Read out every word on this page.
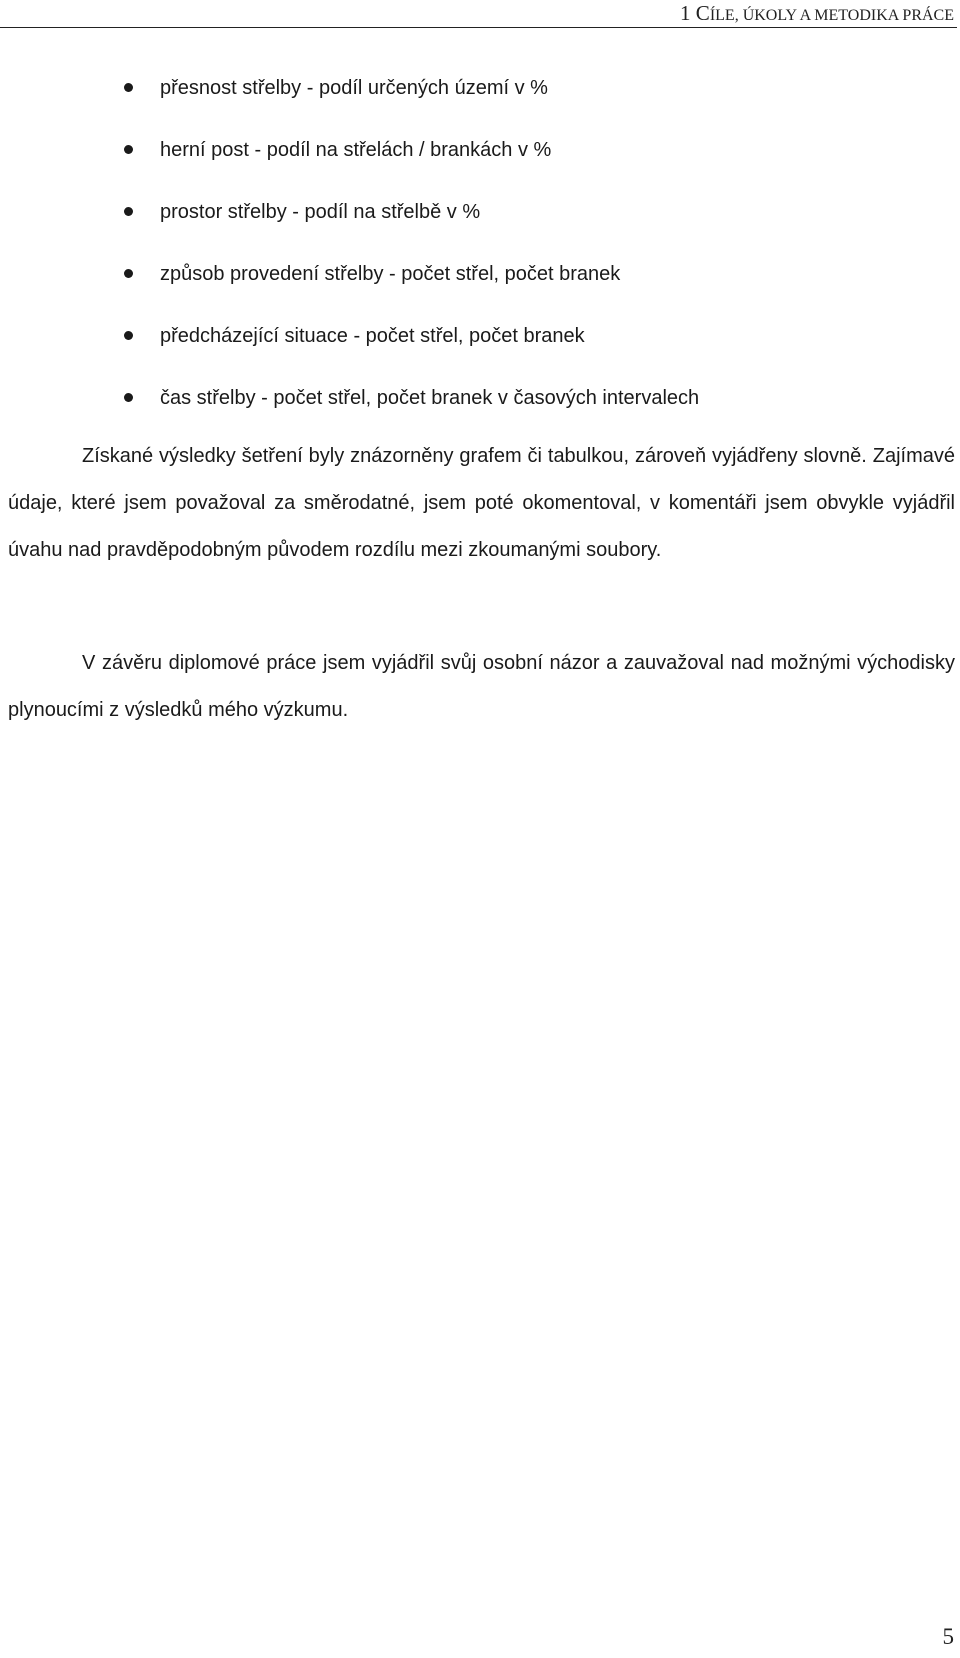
1 CÍLE, ÚKOLY A METODIKA PRÁCE
přesnost střelby - podíl určených území v %
herní post - podíl na střelách / brankách v %
prostor střelby - podíl na střelbě v %
způsob provedení střelby - počet střel, počet branek
předcházející situace - počet střel, počet branek
čas střelby - počet střel, počet branek v časových intervalech

Získané výsledky šetření byly znázorněny grafem či tabulkou, zároveň vyjádřeny slovně. Zajímavé údaje, které jsem považoval za směrodatné, jsem poté okomentoval, v komentáři jsem obvykle vyjádřil úvahu nad pravděpodobným původem rozdílu mezi zkoumanými soubory.

V závěru diplomové práce jsem vyjádřil svůj osobní názor a zauvažoval nad možnými východisky plynoucími z výsledků mého výzkumu.

5
